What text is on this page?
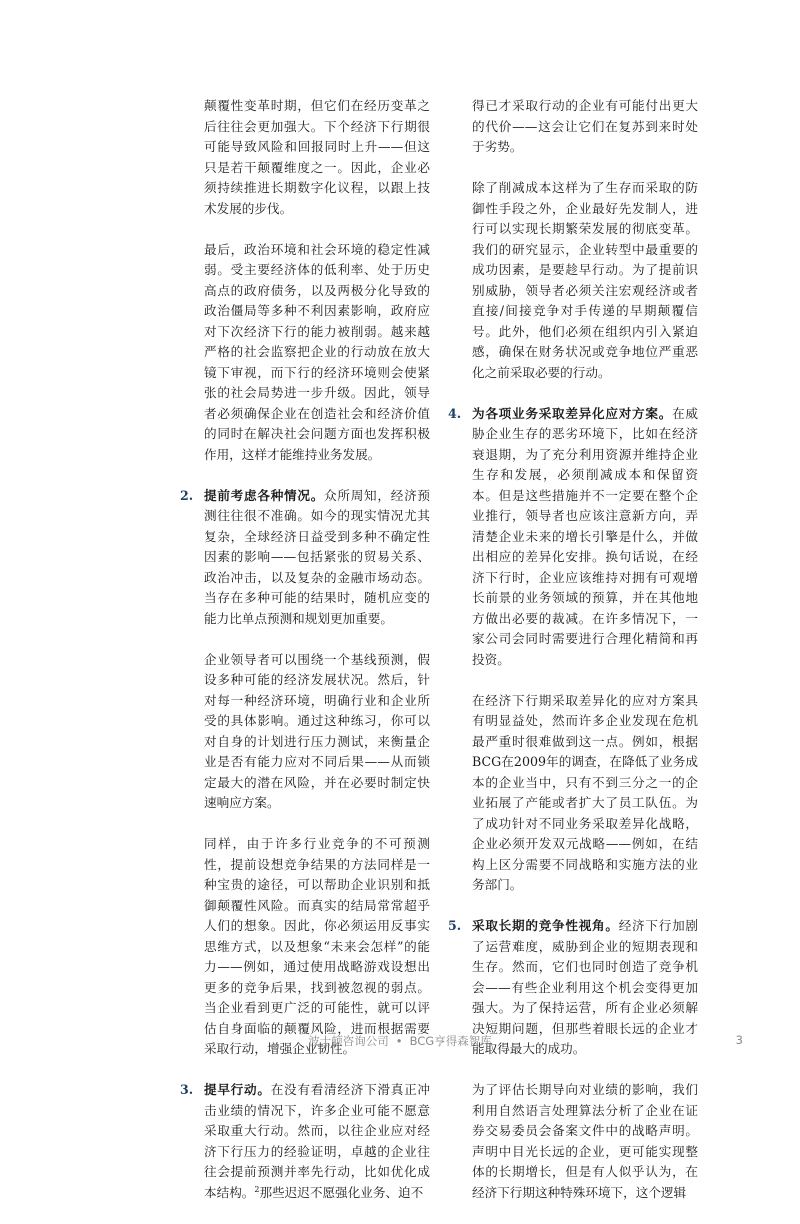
颠覆性变革时期，但它们在经历变革之后往往会更加强大。下个经济下行期很可能导致风险和回报同时上升——但这只是若干颠覆维度之一。因此，企业必须持续推进长期数字化议程，以跟上技术发展的步伐。

最后，政治环境和社会环境的稳定性减弱。受主要经济体的低利率、处于历史高点的政府债务，以及两极分化导致的政治僵局等多种不利因素影响，政府应对下次经济下行的能力被削弱。越来越严格的社会监察把企业的行动放在放大镜下审视，而下行的经济环境则会使紧张的社会局势进一步升级。因此，领导者必须确保企业在创造社会和经济价值的同时在解决社会问题方面也发挥积极作用，这样才能维持业务发展。

2. 提前考虑各种情况。众所周知，经济预测往往很不准确。如今的现实情况尤其复杂，全球经济日益受到多种不确定性因素的影响——包括紧张的贸易关系、政治冲击，以及复杂的金融市场动态。当存在多种可能的结果时，随机应变的能力比单点预测和规划更加重要。

企业领导者可以围绕一个基线预测，假设多种可能的经济发展状况。然后，针对每一种经济环境，明确行业和企业所受的具体影响。通过这种练习，你可以对自身的计划进行压力测试，来衡量企业是否有能力应对不同后果——从而锁定最大的潜在风险，并在必要时制定快速响应方案。

同样，由于许多行业竞争的不可预测性，提前设想竞争结果的方法同样是一种宝贵的途径，可以帮助企业识别和抵御颠覆性风险。而真实的结局常常超乎人们的想象。因此，你必须运用反事实思维方式，以及想象“未来会怎样”的能力——例如，通过使用战略游戏设想出更多的竞争后果，找到被忽视的弱点。当企业看到更广泛的可能性，就可以评估自身面临的颠覆风险，进而根据需要采取行动，增强企业韧性。

3. 提早行动。在没有看清经济下滑真正冲击业绩的情况下，许多企业可能不愿意采取重大行动。然而，以往企业应对经济下行压力的经验证明，卓越的企业往往会提前预测并率先行动，比如优化成本结构。$^2$那些迟迟不愿强化业务、迫不

得已才采取行动的企业有可能付出更大的代价——这会让它们在复苏到来时处于劣势。

除了削减成本这样为了生存而采取的防御性手段之外，企业最好先发制人，进行可以实现长期繁荣发展的彻底变革。我们的研究显示，企业转型中最重要的成功因素，是要趁早行动。为了提前识别威胁，领导者必须关注宏观经济或者直接/间接竞争对手传递的早期颠覆信号。此外，他们必须在组织内引入紧迫感，确保在财务状况或竞争地位严重恶化之前采取必要的行动。

4. 为各项业务采取差异化应对方案。在威胁企业生存的恶劣环境下，比如在经济衰退期，为了充分利用资源并维持企业生存和发展，必须削减成本和保留资本。但是这些措施并不一定要在整个企业推行，领导者也应该注意新方向，弄清楚企业未来的增长引擎是什么，并做出相应的差异化安排。换句话说，在经济下行时，企业应该维持对拥有可观增长前景的业务领域的预算，并在其他地方做出必要的裁减。在许多情况下，一家公司会同时需要进行合理化精简和再投资。

在经济下行期采取差异化的应对方案具有明显益处，然而许多企业发现在危机最严重时很难做到这一点。例如，根据BCG在2009年的调查，在降低了业务成本的企业当中，只有不到三分之一的企业拓展了产能或者扩大了员工队伍。为了成功针对不同业务采取差异化战略，企业必须开发双元战略——例如，在结构上区分需要不同战略和实施方法的业务部门。

5. 采取长期的竞争性视角。经济下行加剧了运营难度，威胁到企业的短期表现和生存。然而，它们也同时创造了竞争机会——有些企业利用这个机会变得更加强大。为了保持运营，所有企业必须解决短期问题，但那些着眼长远的企业才能取得最大的成功。

为了评估长期导向对业绩的影响，我们利用自然语言处理算法分析了企业在证券交易委员会备案文件中的战略声明。声明中目光长远的企业，更可能实现整体的长期增长，但是有人似乎认为，在经济下行期这种特殊环境下，这个逻辑

波士顿咨询公司 • BCG亨得森智库	3
